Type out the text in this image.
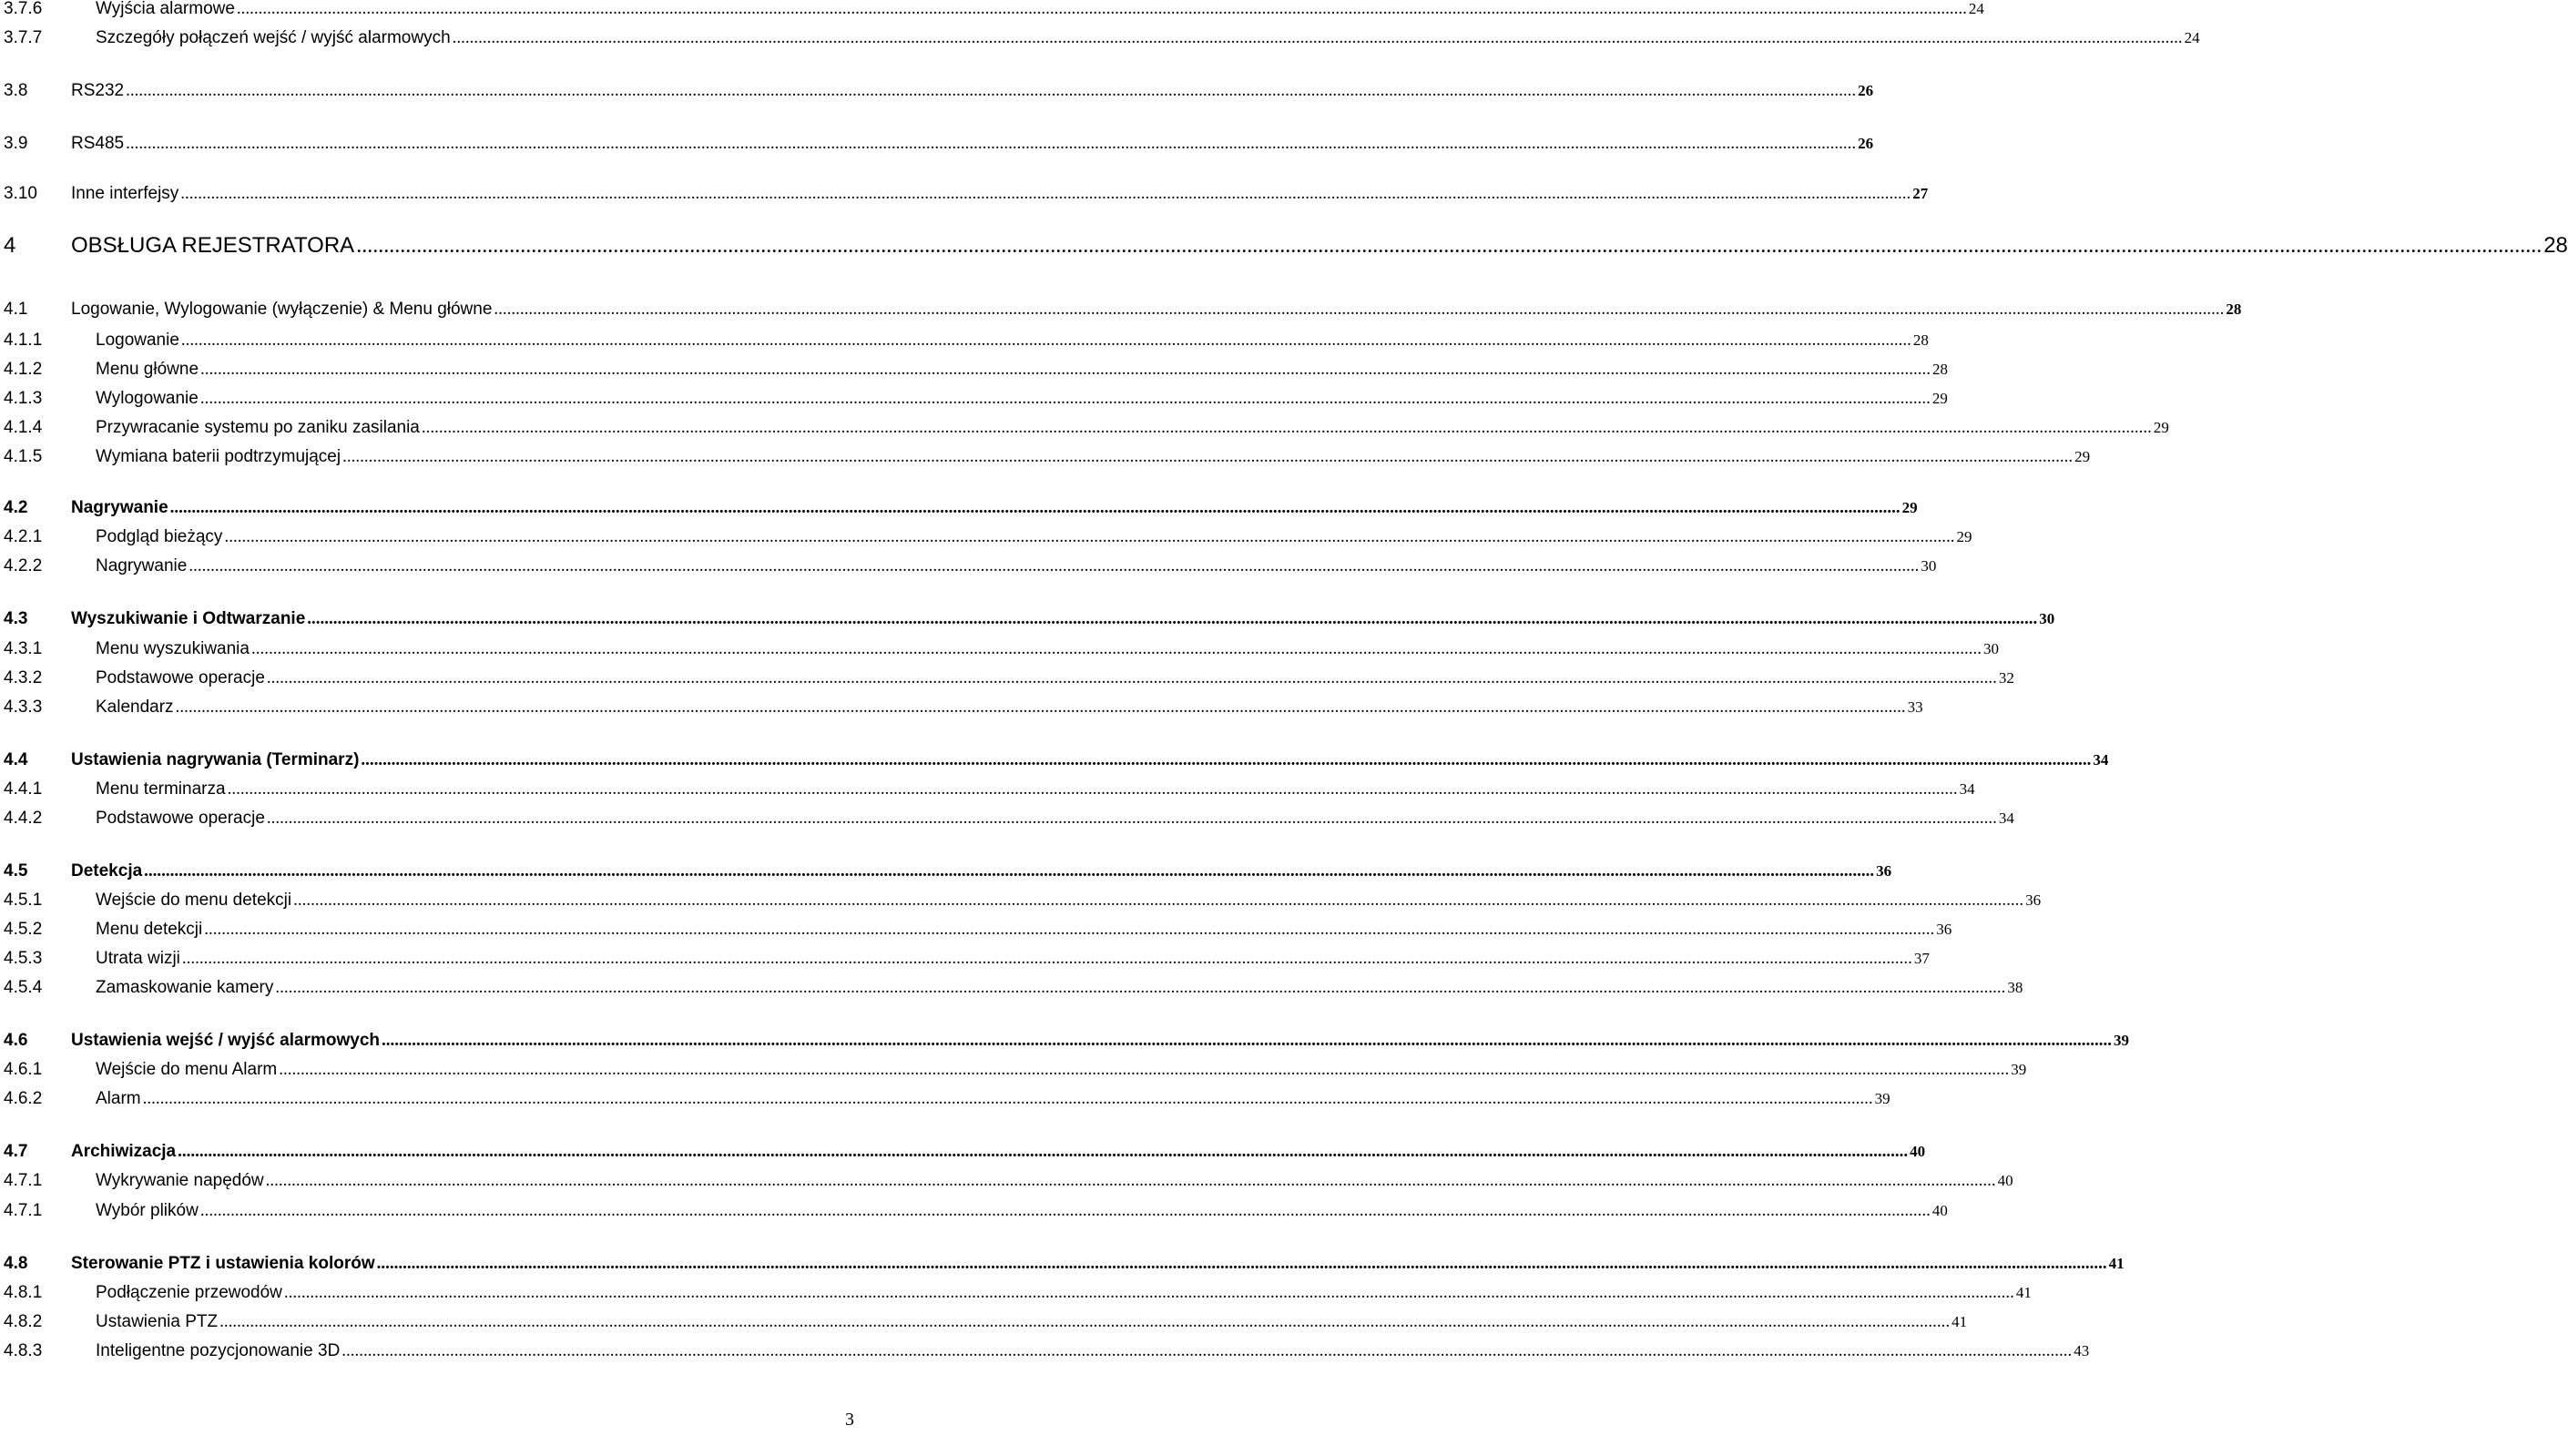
3.7.6	Wyjścia alarmowe ................................................................................................................................................................................................................................................................................................................................................................................................................ 24
3.7.7	Szczegóły połączeń wejść / wyjść alarmowych ................................................................................................................................................................................................................................................................................................................................................................................................................ 24
3.8	RS232 ................................................................................................................................................................................................................................................................................................................................................................................................................ 26
3.9	RS485 ................................................................................................................................................................................................................................................................................................................................................................................................................ 26
3.10 Inne interfejsy ................................................................................................................................................................................................................................................................................................................................................................................................................ 27
4	OBSŁUGA REJESTRATORA ................................................................................................................................................................................................................................................................................................................................................................................................................ 28
4.1	Logowanie, Wylogowanie (wyłączenie) & Menu główne ................................................................................................................................................................................................................................................................................................................................................................................................................ 28
4.1.1	Logowanie ................................................................................................................................................................................................................................................................................................................................................................................................................ 28
4.1.2	Menu główne ................................................................................................................................................................................................................................................................................................................................................................................................................ 28
4.1.3	Wylogowanie ................................................................................................................................................................................................................................................................................................................................................................................................................ 29
4.1.4	Przywracanie systemu po zaniku zasilania ................................................................................................................................................................................................................................................................................................................................................................................................................ 29
4.1.5	Wymiana baterii podtrzymującej ................................................................................................................................................................................................................................................................................................................................................................................................................ 29
4.2	Nagrywanie ................................................................................................................................................................................................................................................................................................................................................................................................................ 29
4.2.1	Podgląd bieżący ................................................................................................................................................................................................................................................................................................................................................................................................................ 29
4.2.2	Nagrywanie ................................................................................................................................................................................................................................................................................................................................................................................................................ 30
4.3	Wyszukiwanie i Odtwarzanie ................................................................................................................................................................................................................................................................................................................................................................................................................ 30
4.3.1	Menu wyszukiwania ................................................................................................................................................................................................................................................................................................................................................................................................................ 30
4.3.2	Podstawowe operacje ................................................................................................................................................................................................................................................................................................................................................................................................................ 32
4.3.3	Kalendarz ................................................................................................................................................................................................................................................................................................................................................................................................................ 33
4.4	Ustawienia nagrywania (Terminarz) ................................................................................................................................................................................................................................................................................................................................................................................................................ 34
4.4.1	Menu terminarza ................................................................................................................................................................................................................................................................................................................................................................................................................ 34
4.4.2	Podstawowe operacje ................................................................................................................................................................................................................................................................................................................................................................................................................ 34
4.5	Detekcja ................................................................................................................................................................................................................................................................................................................................................................................................................ 36
4.5.1	Wejście do menu detekcji ................................................................................................................................................................................................................................................................................................................................................................................................................ 36
4.5.2	Menu detekcji ................................................................................................................................................................................................................................................................................................................................................................................................................ 36
4.5.3	Utrata wizji ................................................................................................................................................................................................................................................................................................................................................................................................................ 37
4.5.4	Zamaskowanie kamery ................................................................................................................................................................................................................................................................................................................................................................................................................ 38
4.6	Ustawienia wejść / wyjść alarmowych ................................................................................................................................................................................................................................................................................................................................................................................................................ 39
4.6.1	Wejście do menu Alarm ................................................................................................................................................................................................................................................................................................................................................................................................................ 39
4.6.2	Alarm ................................................................................................................................................................................................................................................................................................................................................................................................................ 39
4.7	Archiwizacja ................................................................................................................................................................................................................................................................................................................................................................................................................ 40
4.7.1	Wykrywanie napędów ................................................................................................................................................................................................................................................................................................................................................................................................................ 40
4.7.1	Wybór plików ................................................................................................................................................................................................................................................................................................................................................................................................................ 40
4.8	Sterowanie PTZ i ustawienia kolorów ................................................................................................................................................................................................................................................................................................................................................................................................................ 41
4.8.1	Podłączenie przewodów ................................................................................................................................................................................................................................................................................................................................................................................................................ 41
4.8.2	Ustawienia PTZ ................................................................................................................................................................................................................................................................................................................................................................................................................ 41
4.8.3	Inteligentne pozycjonowanie 3D ................................................................................................................................................................................................................................................................................................................................................................................................................ 43
3
